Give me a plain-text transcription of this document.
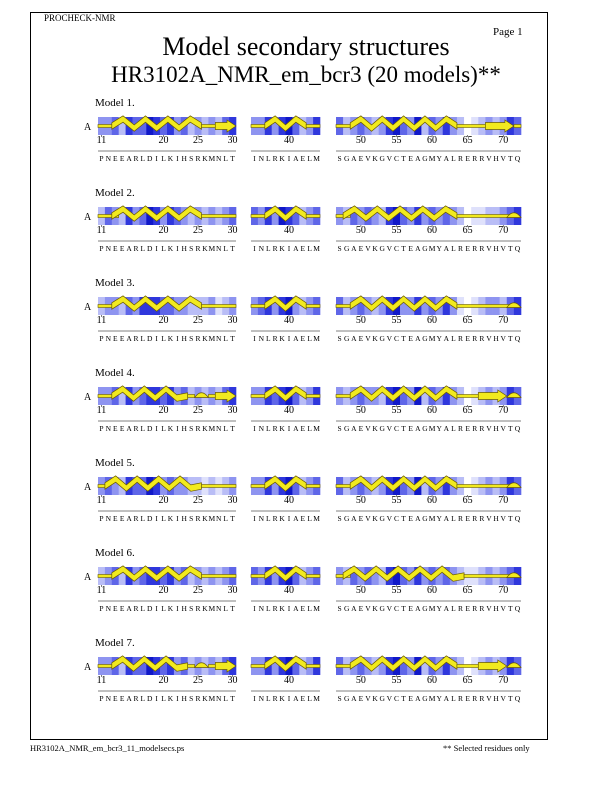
PROCHECK-NMR
Page 1
Model secondary structures
HR3102A_NMR_em_bcr3 (20 models)**
Model 1.
A
11	20 25 30
P N E E A R L D I L K I H S R K M N L T
40
I N L R K I A E L M
50	55	60	65	70
S G A E V K G V C T E A G M Y A L R E R R V H V T Q
Model 2.
A
11	20 25 30
P N E E A R L D I L K I H S R K M N L T
40
I N L R K I A E L M
50	55	60	65	70
S G A E V K G V C T E A G M Y A L R E R R V H V T Q
Model 3.
A
11	20 25 30
P N E E A R L D I L K I H S R K M N L T
40
I N L R K I A E L M
50	55	60	65	70
S G A E V K G V C T E A G M Y A L R E R R V H V T Q
Model 4.
A
11	20 25 30
P N E E A R L D I L K I H S R K M N L T
40
I N L R K I A E L M
50	55	60	65	70
S G A E V K G V C T E A G M Y A L R E R R V H V T Q
Model 5.
A
11	20 25 30
P N E E A R L D I L K I H S R K M N L T
40
I N L R K I A E L M
50	55	60	65	70
S G A E V K G V C T E A G M Y A L R E R R V H V T Q
Model 6.
A
11	20 25 30
P N E E A R L D I L K I H S R K M N L T
40
I N L R K I A E L M
50	55	60	65	70
S G A E V K G V C T E A G M Y A L R E R R V H V T Q
Model 7.
A
11	20 25 30
P N E E A R L D I L K I H S R K M N L T
40
I N L R K I A E L M
50	55	60	65	70
S G A E V K G V C T E A G M Y A L R E R R V H V T Q
HR3102A_NMR_em_bcr3_11_modelsecs.ps	** Selected residues only
